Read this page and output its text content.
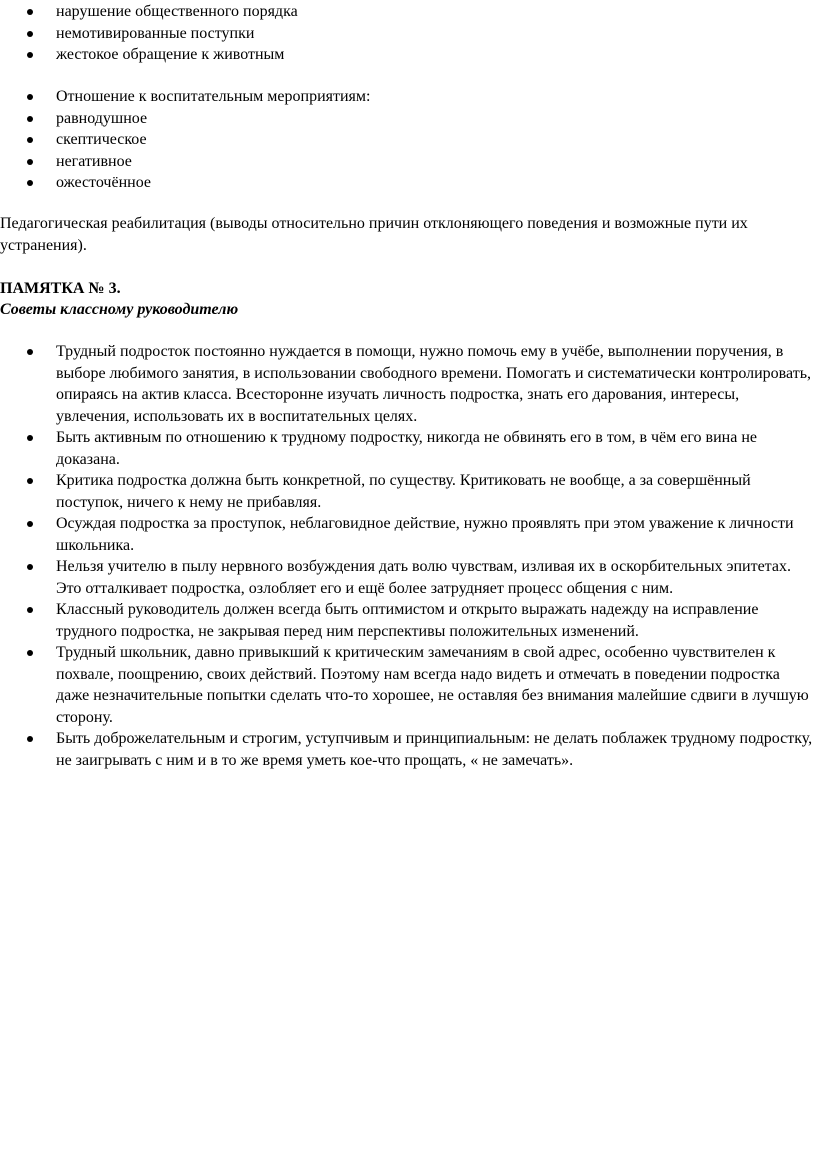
нарушение общественного порядка
немотивированные поступки
жестокое обращение к животным
Отношение к воспитательным мероприятиям:
равнодушное
скептическое
негативное
ожесточённое

Педагогическая реабилитация (выводы относительно причин отклоняющего поведения и возможные пути их устранения).

ПАМЯТКА № 3.

Советы классному руководителю

Трудный подросток постоянно нуждается в помощи, нужно помочь ему в учёбе, выполнении поручения, в выборе любимого занятия, в использовании свободного времени. Помогать и систематически контролировать, опираясь на актив класса. Всесторонне изучать личность подростка, знать его дарования, интересы, увлечения, использовать их в воспитательных целях.
Быть активным по отношению к трудному подростку, никогда не обвинять его в том, в чём его вина не доказана.
Критика подростка должна быть конкретной, по существу. Критиковать не вообще, а за совершённый поступок, ничего к нему не прибавляя.
Осуждая подростка за проступок, неблаговидное действие, нужно проявлять при этом уважение к личности школьника.
Нельзя учителю в пылу нервного возбуждения дать волю чувствам, изливая их в оскорбительных эпитетах. Это отталкивает подростка, озлобляет его и ещё более затрудняет процесс общения с ним.
Классный руководитель должен всегда быть оптимистом и открыто выражать надежду на исправление трудного подростка, не закрывая перед ним перспективы положительных изменений.
Трудный школьник, давно привыкший к критическим замечаниям в свой адрес, особенно чувствителен к похвале, поощрению, своих действий. Поэтому нам всегда надо видеть и отмечать в поведении подростка даже незначительные попытки сделать что-то хорошее, не оставляя без внимания малейшие сдвиги в лучшую сторону.
Быть доброжелательным и строгим, уступчивым и принципиальным: не делать поблажек трудному подростку, не заигрывать с ним и в то же время уметь кое-что прощать, « не замечать».
